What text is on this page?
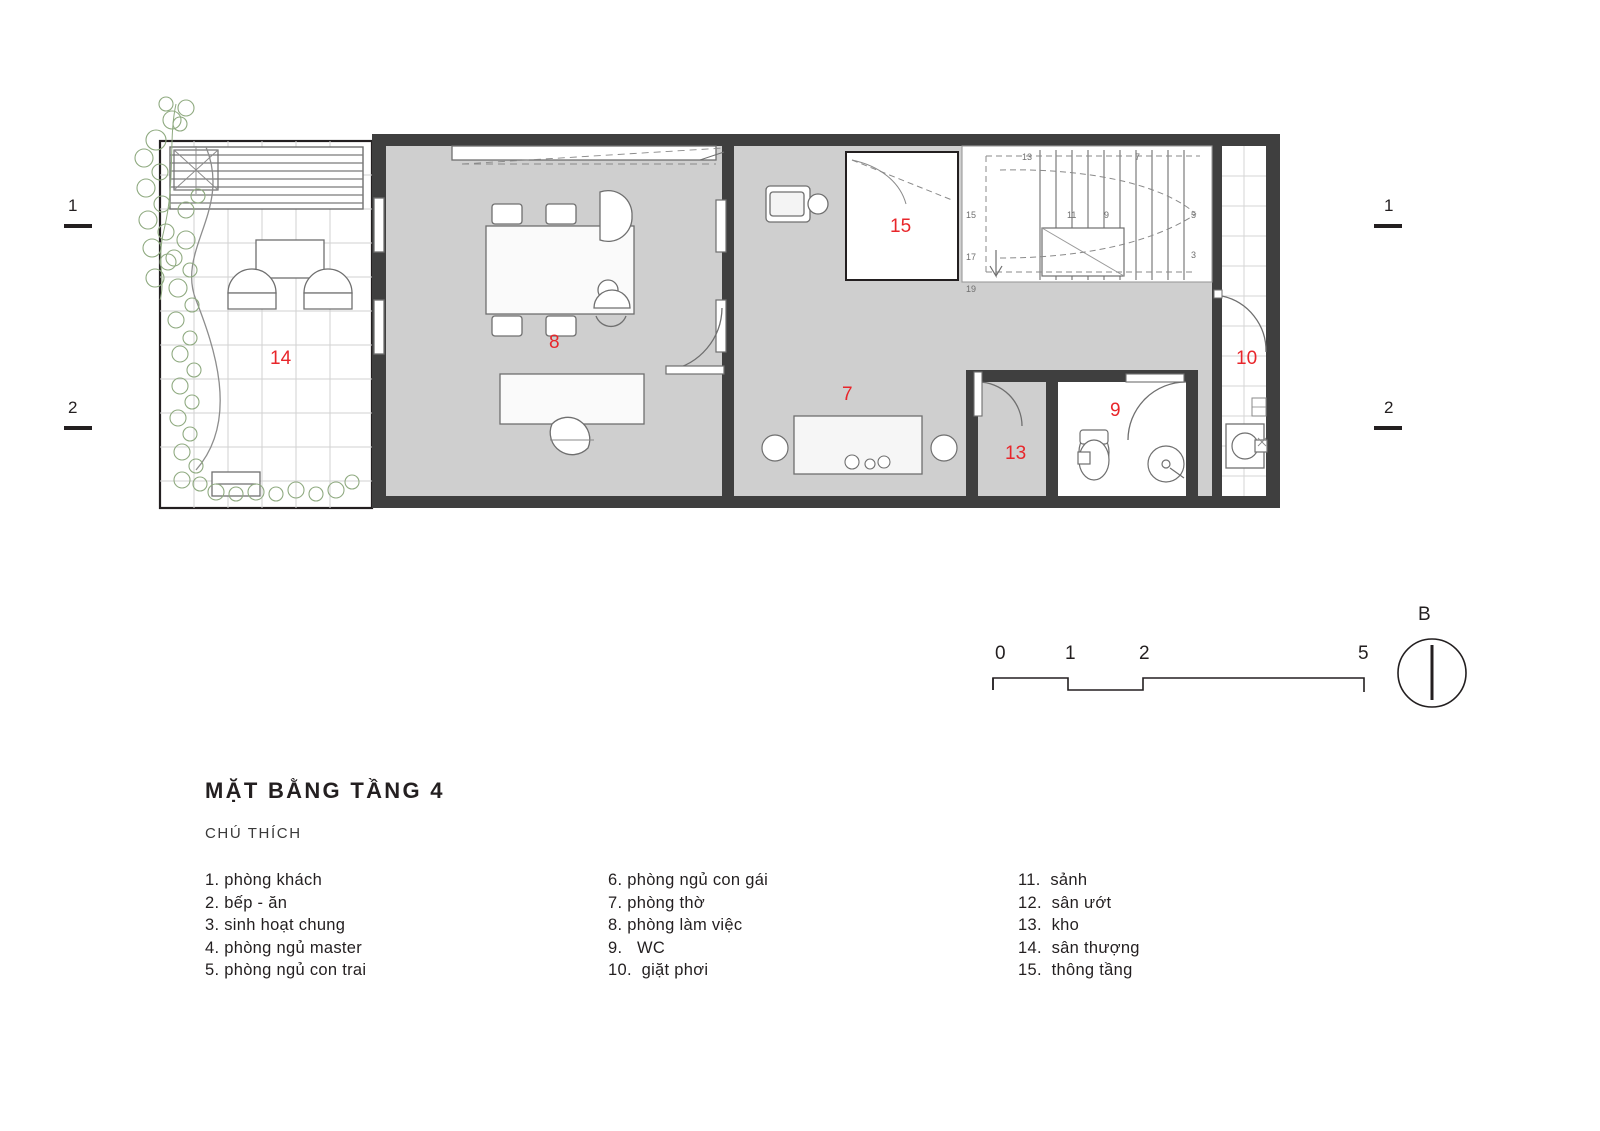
1
2
1
2
14
8
15
10
7
9
13
13	7
15	11	9	5
17	3
19
0	1	2	5
B
MẶT BẰNG TẦNG 4
CHÚ THÍCH
1. phòng khách
2. bếp - ăn
3. sinh hoạt chung
4. phòng ngủ master
5. phòng ngủ con trai
6. phòng ngủ con gái
7. phòng thờ
8. phòng làm việc
9.   WC
10.  giặt phơi
11.  sảnh
12.  sân ướt
13.  kho
14.  sân thượng
15.  thông tầng
